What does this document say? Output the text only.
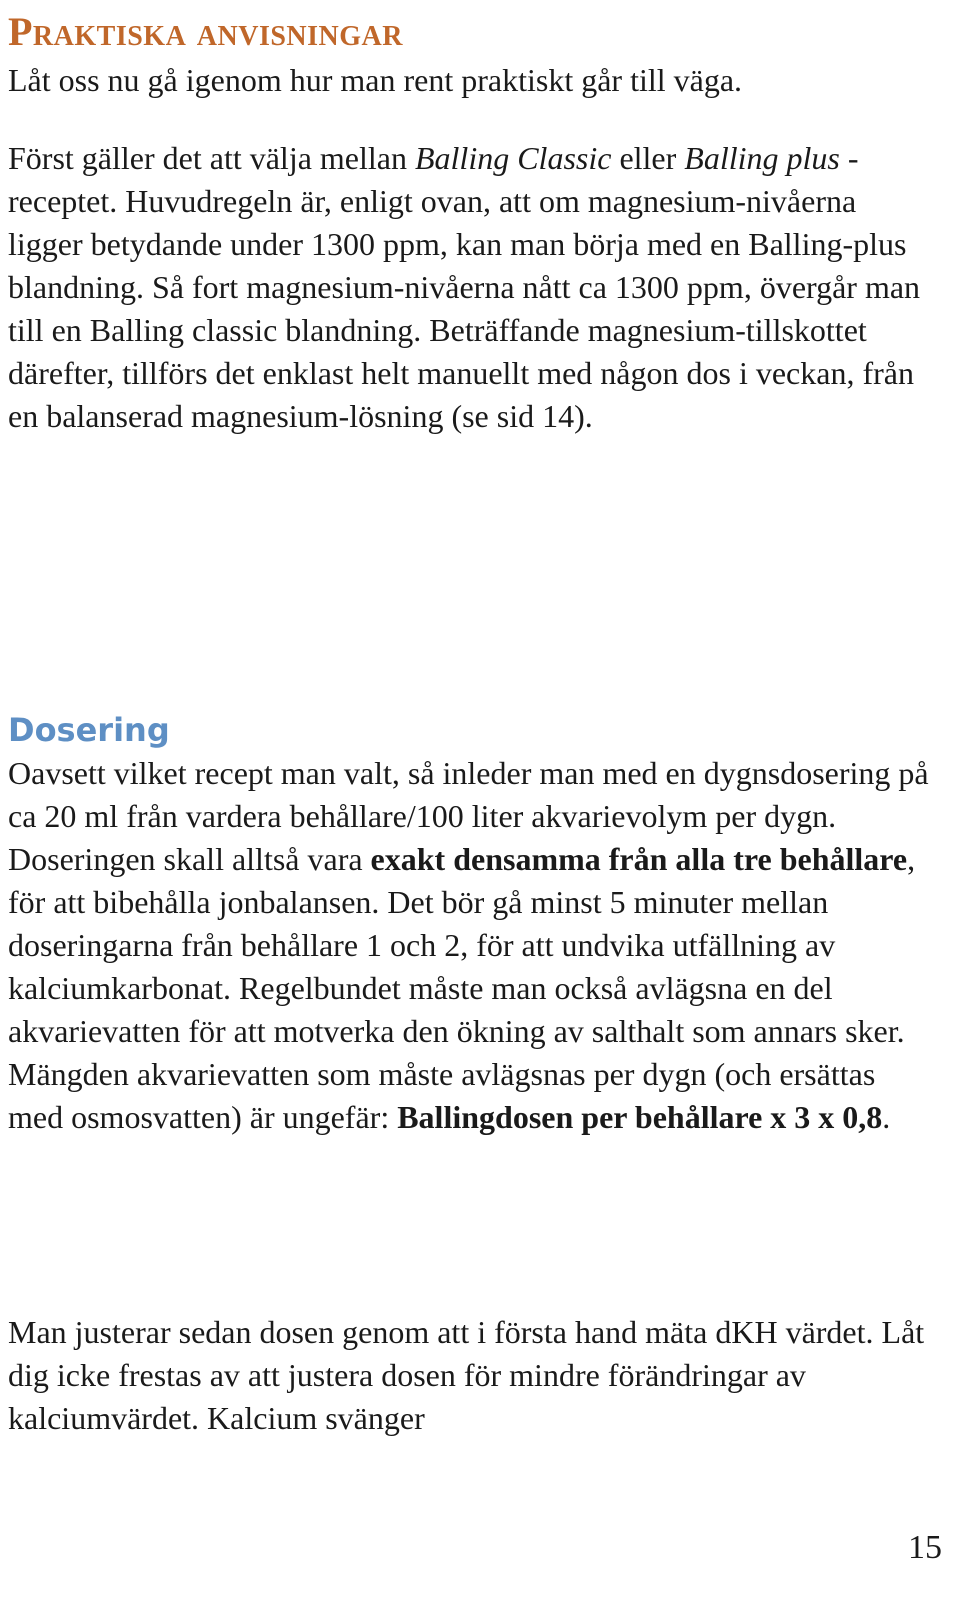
Praktiska anvisningar

Låt oss nu gå igenom hur man rent praktiskt går till väga.

Först gäller det att välja mellan Balling Classic eller Balling plus - receptet. Huvudregeln är, enligt ovan, att om magnesium-nivåerna ligger betydande under 1300 ppm, kan man börja med en Balling-plus blandning. Så fort magnesium-nivåerna nått ca 1300 ppm, övergår man till en Balling classic blandning. Beträffande magnesium-tillskottet därefter, tillförs det enklast helt manuellt med någon dos i veckan, från en balanserad magnesium-lösning (se sid 14).

Dosering

Oavsett vilket recept man valt, så inleder man med en dygnsdosering på ca 20 ml från vardera behållare/100 liter akvarievolym per dygn. Doseringen skall alltså vara exakt densamma från alla tre behållare, för att bibehålla jonbalansen. Det bör gå minst 5 minuter mellan doseringarna från behållare 1 och 2, för att undvika utfällning av kalciumkarbonat. Regelbundet måste man också avlägsna en del akvarievatten för att motverka den ökning av salthalt som annars sker. Mängden akvarievatten som måste avlägsnas per dygn (och ersättas med osmosvatten) är ungefär: Ballingdosen per behållare x 3 x 0,8.

Man justerar sedan dosen genom att i första hand mäta dKH värdet. Låt dig icke frestas av att justera dosen för mindre förändringar av kalciumvärdet. Kalcium svänger

15
